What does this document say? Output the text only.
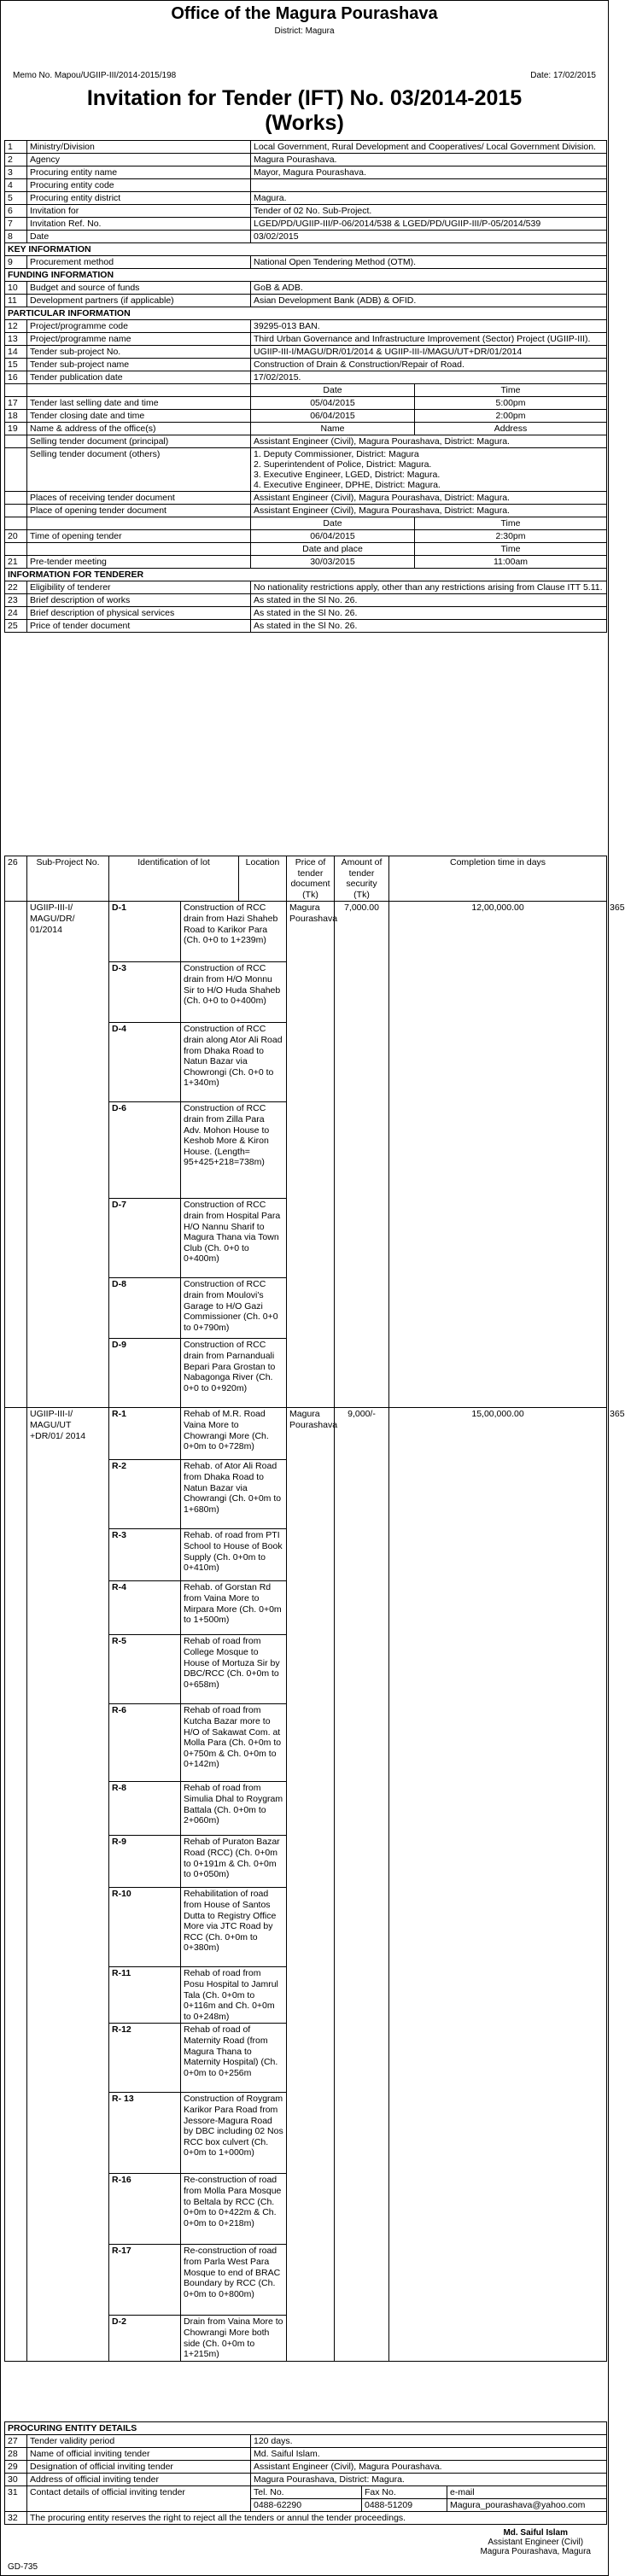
Office of the Magura Pourashava
District: Magura
Memo No. Mapou/UGIIP-III/2014-2015/198	Date: 17/02/2015
Invitation for Tender (IFT) No. 03/2014-2015
(Works)
1	Ministry/Division	Local Government, Rural Development and Cooperatives/ Local Government Division.	
2	Agency	Magura Pourashava.	
3	Procuring entity name	Mayor, Magura Pourashava.	
4	Procuring entity code		
5	Procuring entity district	Magura.	
6	Invitation for	Tender of 02 No. Sub-Project.	
7	Invitation Ref. No.	LGED/PD/UGIIP-III/P-06/2014/538 & LGED/PD/UGIIP-III/P-05/2014/539	
8	Date	03/02/2015	
KEY INFORMATION			
9	Procurement method	National Open Tendering Method (OTM).	
FUNDING INFORMATION			
10	Budget and source of funds	GoB & ADB.	
11	Development partners (if applicable)	Asian Development Bank (ADB) & OFID.	
PARTICULAR INFORMATION			
12	Project/programme code	39295-013 BAN.	
13	Project/programme name	Third Urban Governance and Infrastructure Improvement (Sector) Project (UGIIP-III).	
14	Tender sub-project No.	UGIIP-III-I/MAGU/DR/01/2014 & UGIIP-III-I/MAGU/UT+DR/01/2014	
15	Tender sub-project name	Construction of Drain & Construction/Repair of Road.	
16	Tender publication date	17/02/2015.	
		Date	Time
17	Tender last selling date and time	05/04/2015	5:00pm
18	Tender closing date and time	06/04/2015	2:00pm
19	Name & address of the office(s)	Name	Address
	Selling tender document (principal)	Assistant Engineer (Civil), Magura Pourashava, District: Magura.	
	Selling tender document (others)	1. Deputy Commissioner, District: Magura
2. Superintendent of Police, District: Magura.
3. Executive Engineer, LGED, District: Magura.
4. Executive Engineer, DPHE, District: Magura.	

	Places of receiving tender document	Assistant Engineer (Civil), Magura Pourashava, District: Magura.	
	Place of opening tender document	Assistant Engineer (Civil), Magura Pourashava, District: Magura.	
		Date	Time
20	Time of opening tender	06/04/2015	2:30pm
		Date and place	Time
21	Pre-tender meeting	30/03/2015	11:00am
INFORMATION FOR TENDERER			
22	Eligibility of tenderer	No nationality restrictions apply, other than any restrictions arising from Clause ITT 5.11.	
23	Brief description of works	As stated in the Sl No. 26.	
24	Brief description of physical services	As stated in the Sl No. 26.	
25	Price of tender document	As stated in the Sl No. 26.	
26	Sub-Project No.	Identification of lot		Location	Price of tender document (Tk)	Amount of tender security (Tk)	Completion time in days	
	UGIIP-III-I/ MAGU/DR/ 01/2014	D-1	Construction of RCC drain from Hazi Shaheb Road to Karikor Para (Ch. 0+0 to 1+239m)		Magura Pourashava	7,000.00	12,00,000.00	365
		D-3	Construction of RCC drain from H/O Monnu Sir to H/O Huda Shaheb (Ch. 0+0 to 0+400m)					
		D-4	Construction of RCC drain along Ator Ali Road from Dhaka Road to Natun Bazar via Chowrongi (Ch. 0+0 to 1+340m)					
		D-6	Construction of RCC drain from Zilla Para Adv. Mohon House to Keshob More & Kiron House. (Length= 95+425+218=738m)					
		D-7	Construction of RCC drain from Hospital Para H/O Nannu Sharif to Magura Thana via Town Club (Ch. 0+0 to 0+400m)					
		D-8	Construction of RCC drain from Moulovi's Garage to H/O Gazi Commissioner (Ch. 0+0 to 0+790m)					
		D-9	Construction of RCC drain from Parnanduali Bepari Para Grostan to Nabagonga River (Ch. 0+0 to 0+920m)					
	UGIIP-III-I/ MAGU/UT +DR/01/ 2014	R-1	Rehab of M.R. Road Vaina More to Chowrangi More (Ch. 0+0m to 0+728m)		Magura Pourashava	9,000/-	15,00,000.00	365
		R-2	Rehab. of Ator Ali Road from Dhaka Road to Natun Bazar via Chowrangi (Ch. 0+0m to 1+680m)					
		R-3	Rehab. of road from PTI School to House of Book Supply (Ch. 0+0m to 0+410m)					
		R-4	Rehab. of Gorstan Rd from Vaina More to Mirpara More (Ch. 0+0m to 1+500m)					
		R-5	Rehab of road from College Mosque to House of Mortuza Sir by DBC/RCC (Ch. 0+0m to 0+658m)					
		R-6	Rehab of road from Kutcha Bazar more to H/O of Sakawat Com. at Molla Para (Ch. 0+0m to 0+750m & Ch. 0+0m to 0+142m)					
		R-8	Rehab of road from Simulia Dhal to Roygram Battala (Ch. 0+0m to 2+060m)					
		R-9	Rehab of Puraton Bazar Road (RCC) (Ch. 0+0m to 0+191m & Ch. 0+0m to 0+050m)					
		R-10	Rehabilitation of road from House of Santos Dutta to Registry Office More via JTC Road by RCC (Ch. 0+0m to 0+380m)					
		R-11	Rehab of road from Posu Hospital to Jamrul Tala (Ch. 0+0m to 0+116m and Ch. 0+0m to 0+248m)					
		R-12	Rehab of road of Maternity Road (from Magura Thana to Maternity Hospital) (Ch. 0+0m to 0+256m					
		R- 13	Construction of Roygram Karikor Para Road from Jessore-Magura Road by DBC including 02 Nos RCC box culvert (Ch. 0+0m to 1+000m)					
		R-16	Re-construction of road from Molla Para Mosque to Beltala by RCC (Ch. 0+0m to 0+422m & Ch. 0+0m to 0+218m)					
		R-17	Re-construction of road from Parla West Para Mosque to end of BRAC Boundary by RCC (Ch. 0+0m to 0+800m)					
		D-2	Drain from Vaina More to Chowrangi More both side (Ch. 0+0m to 1+215m)					
PROCURING ENTITY DETAILS				
27	Tender validity period	120 days.		
28	Name of official inviting tender	Md. Saiful Islam.		
29	Designation of official inviting tender	Assistant Engineer (Civil), Magura Pourashava.		
30	Address of official inviting tender	Magura Pourashava, District: Magura.		
31	Contact details of official inviting tender	Tel. No.	Fax No.	e-mail
		0488-62290	0488-51209	Magura_pourashava@yahoo.com
32	The procuring entity reserves the right to reject all the tenders or annul the tender proceedings.			
Md. Saiful Islam
Assistant Engineer (Civil)
Magura Pourashava, Magura
GD-735
